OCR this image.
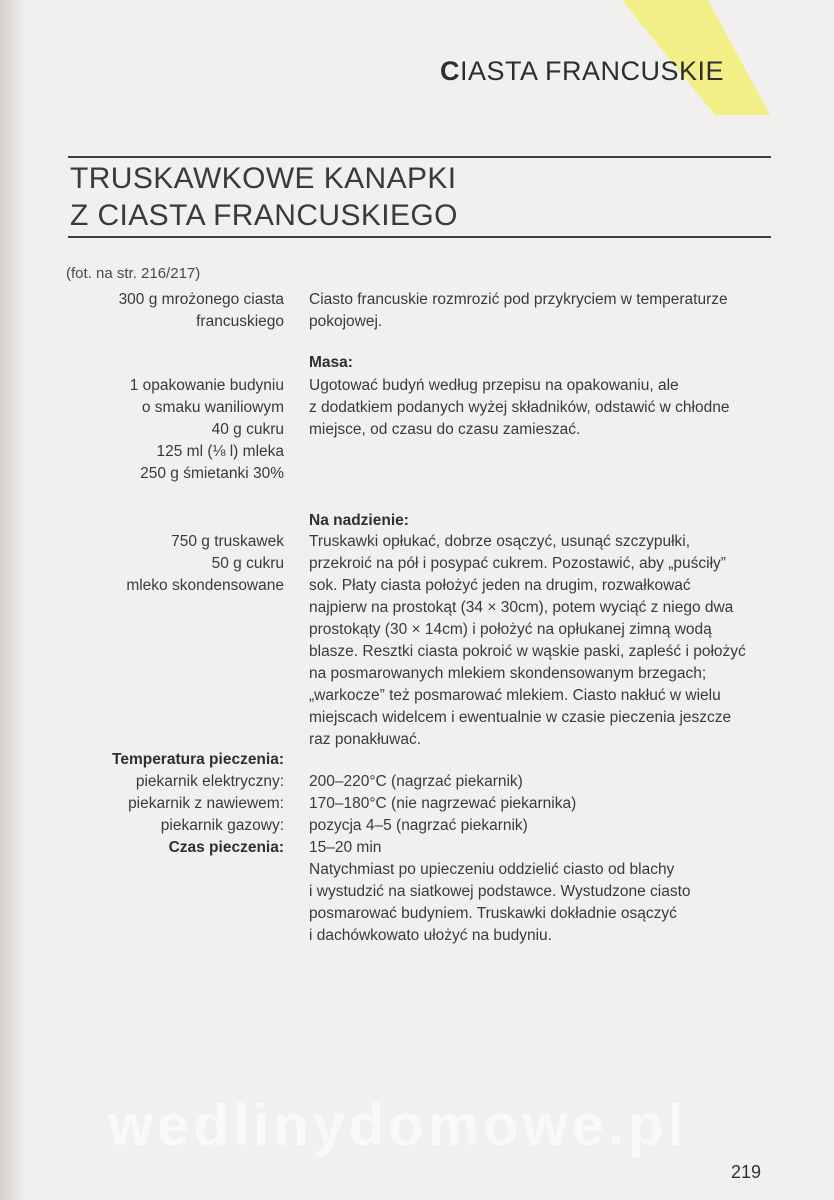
CIASTA FRANCUSKIE
TRUSKAWKOWE KANAPKI
Z CIASTA FRANCUSKIEGO
(fot. na str. 216/217)
300 g mrożonego ciasta
francuskiego
Ciasto francuskie rozmrozić pod przykryciem w temperaturze
pokojowej.
Masa:
1 opakowanie budyniu
o smaku waniliowym
40 g cukru
125 ml (⅛ l) mleka
250 g śmietanki 30%
Ugotować budyń według przepisu na opakowaniu, ale
z dodatkiem podanych wyżej składników, odstawić w chłodne
miejsce, od czasu do czasu zamieszać.
Na nadzienie:
750 g truskawek
50 g cukru
mleko skondensowane
Truskawki opłukać, dobrze osączyć, usunąć szczypułki,
przekroić na pół i posypać cukrem. Pozostawić, aby „puściły”
sok. Płaty ciasta położyć jeden na drugim, rozwałkować
najpierw na prostokąt (34 × 30cm), potem wyciąć z niego dwa
prostokąty (30 × 14cm) i położyć na opłukanej zimną wodą
blasze. Resztki ciasta pokroić w wąskie paski, zapleść i położyć
na posmarowanych mlekiem skondensowanym brzegach;
„warkocze” też posmarować mlekiem. Ciasto nakłuć w wielu
miejscach widelcem i ewentualnie w czasie pieczenia jeszcze
raz ponakłuwać.
Temperatura pieczenia:
piekarnik elektryczny:
piekarnik z nawiewem:
piekarnik gazowy:
Czas pieczenia:
200–220°C (nagrzać piekarnik)
170–180°C (nie nagrzewać piekarnika)
pozycja 4–5 (nagrzać piekarnik)
15–20 min
Natychmiast po upieczeniu oddzielić ciasto od blachy
i wystudzić na siatkowej podstawce. Wystudzone ciasto
posmarować budyniem. Truskawki dokładnie osączyć
i dachówkowato ułożyć na budyniu.
wedlinydomowe.pl
219
